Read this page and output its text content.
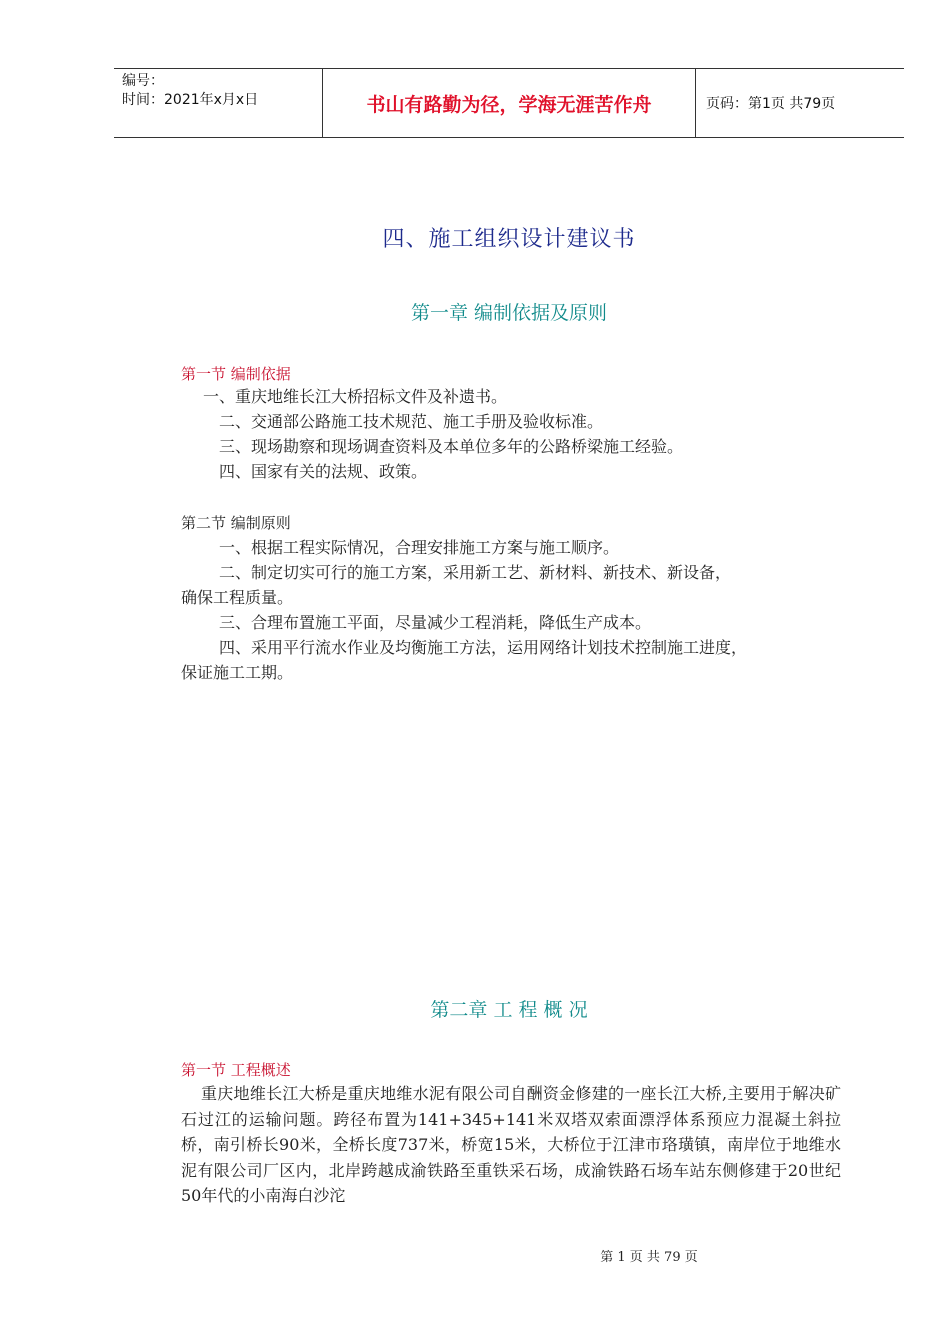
编号：
时间：2021年x月x日	书山有路勤为径，学海无涯苦作舟	页码：第1页 共79页
四、施工组织设计建议书
第一章 编制依据及原则
第一节 编制依据

一、重庆地维长江大桥招标文件及补遗书。

二、交通部公路施工技术规范、施工手册及验收标准。

三、现场勘察和现场调查资料及本单位多年的公路桥梁施工经验。

四、国家有关的法规、政策。

第二节 编制原则

一、根据工程实际情况，合理安排施工方案与施工顺序。

二、制定切实可行的施工方案，采用新工艺、新材料、新技术、新设备，

确保工程质量。

三、合理布置施工平面，尽量减少工程消耗，降低生产成本。

四、采用平行流水作业及均衡施工方法，运用网络计划技术控制施工进度，

保证施工工期。

第二章 工 程 概 况
第一节 工程概述
重庆地维长江大桥是重庆地维水泥有限公司自酬资金修建的一座长江大桥,主要用于解决矿石过江的运输问题。跨径布置为141+345+141米双塔双索面漂浮体系预应力混凝土斜拉桥，南引桥长90米，全桥长度737米，桥宽15米，大桥位于江津市珞璜镇，南岸位于地维水泥有限公司厂区内，北岸跨越成渝铁路至重铁采石场，成渝铁路石场车站东侧修建于20世纪50年代的小南海白沙沱
第 1 页 共 79 页
